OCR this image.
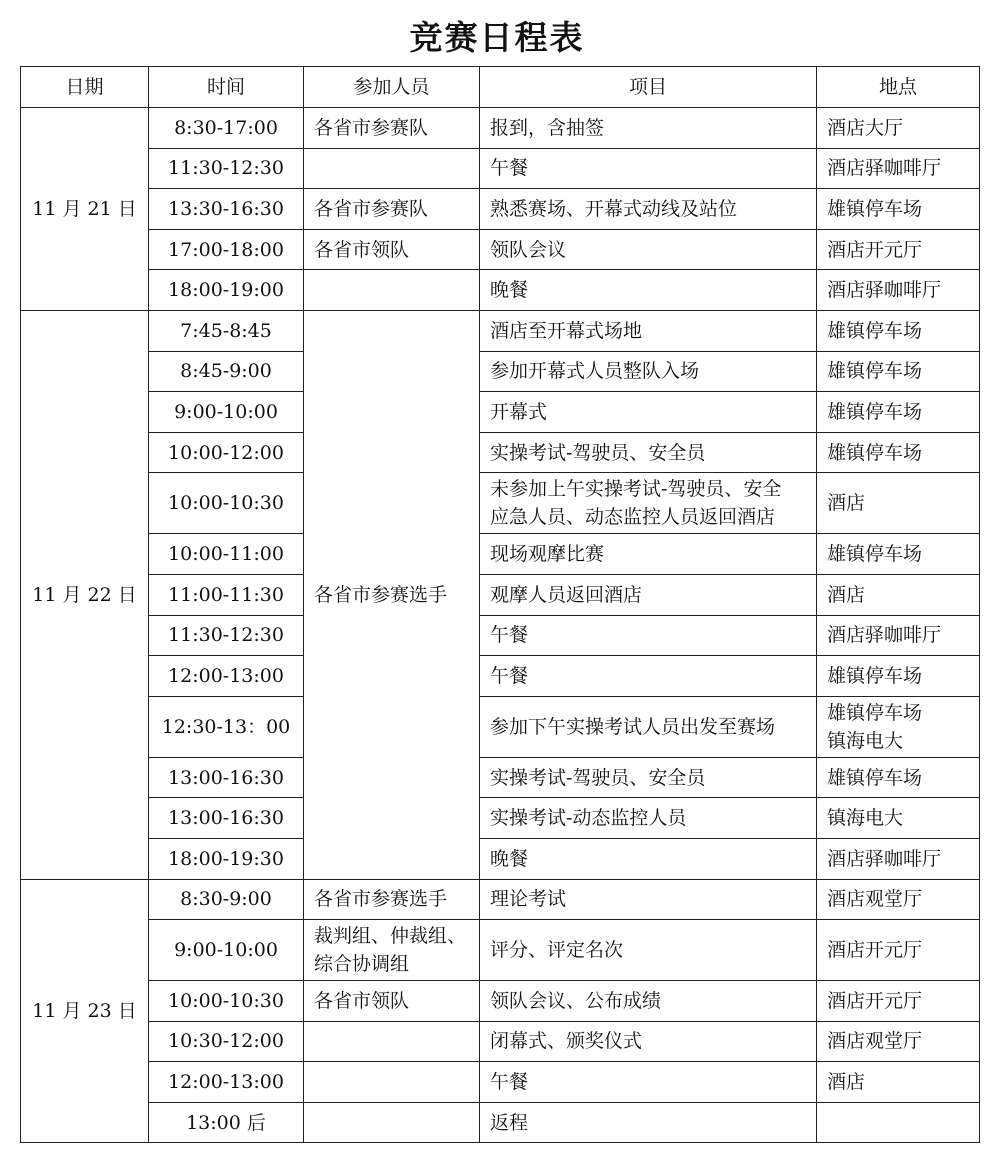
竞赛日程表
日期	时间	参加人员	项目	地点
11 月 21 日	8:30-17:00	各省市参赛队	报到，含抽签	酒店大厅
	11:30-12:30		午餐	酒店驿咖啡厅
	13:30-16:30	各省市参赛队	熟悉赛场、开幕式动线及站位	雄镇停车场
	17:00-18:00	各省市领队	领队会议	酒店开元厅
	18:00-19:00		晚餐	酒店驿咖啡厅
11 月 22 日	7:45-8:45	各省市参赛选手	酒店至开幕式场地	雄镇停车场
	8:45-9:00		参加开幕式人员整队入场	雄镇停车场
	9:00-10:00		开幕式	雄镇停车场
	10:00-12:00		实操考试-驾驶员、安全员	雄镇停车场
	10:00-10:30		未参加上午实操考试-驾驶员、安全
应急人员、动态监控人员返回酒店	酒店
	10:00-11:00		现场观摩比赛	雄镇停车场
	11:00-11:30		观摩人员返回酒店	酒店
	11:30-12:30		午餐	酒店驿咖啡厅
	12:00-13:00		午餐	雄镇停车场
	12:30-13：00		参加下午实操考试人员出发至赛场	雄镇停车场
镇海电大
	13:00-16:30		实操考试-驾驶员、安全员	雄镇停车场
	13:00-16:30		实操考试-动态监控人员	镇海电大
	18:00-19:30		晚餐	酒店驿咖啡厅
11 月 23 日	8:30-9:00	各省市参赛选手	理论考试	酒店观堂厅
	9:00-10:00	裁判组、仲裁组、
综合协调组	评分、评定名次	酒店开元厅
	10:00-10:30	各省市领队	领队会议、公布成绩	酒店开元厅
	10:30-12:00		闭幕式、颁奖仪式	酒店观堂厅
	12:00-13:00		午餐	酒店
	13:00 后		返程	
